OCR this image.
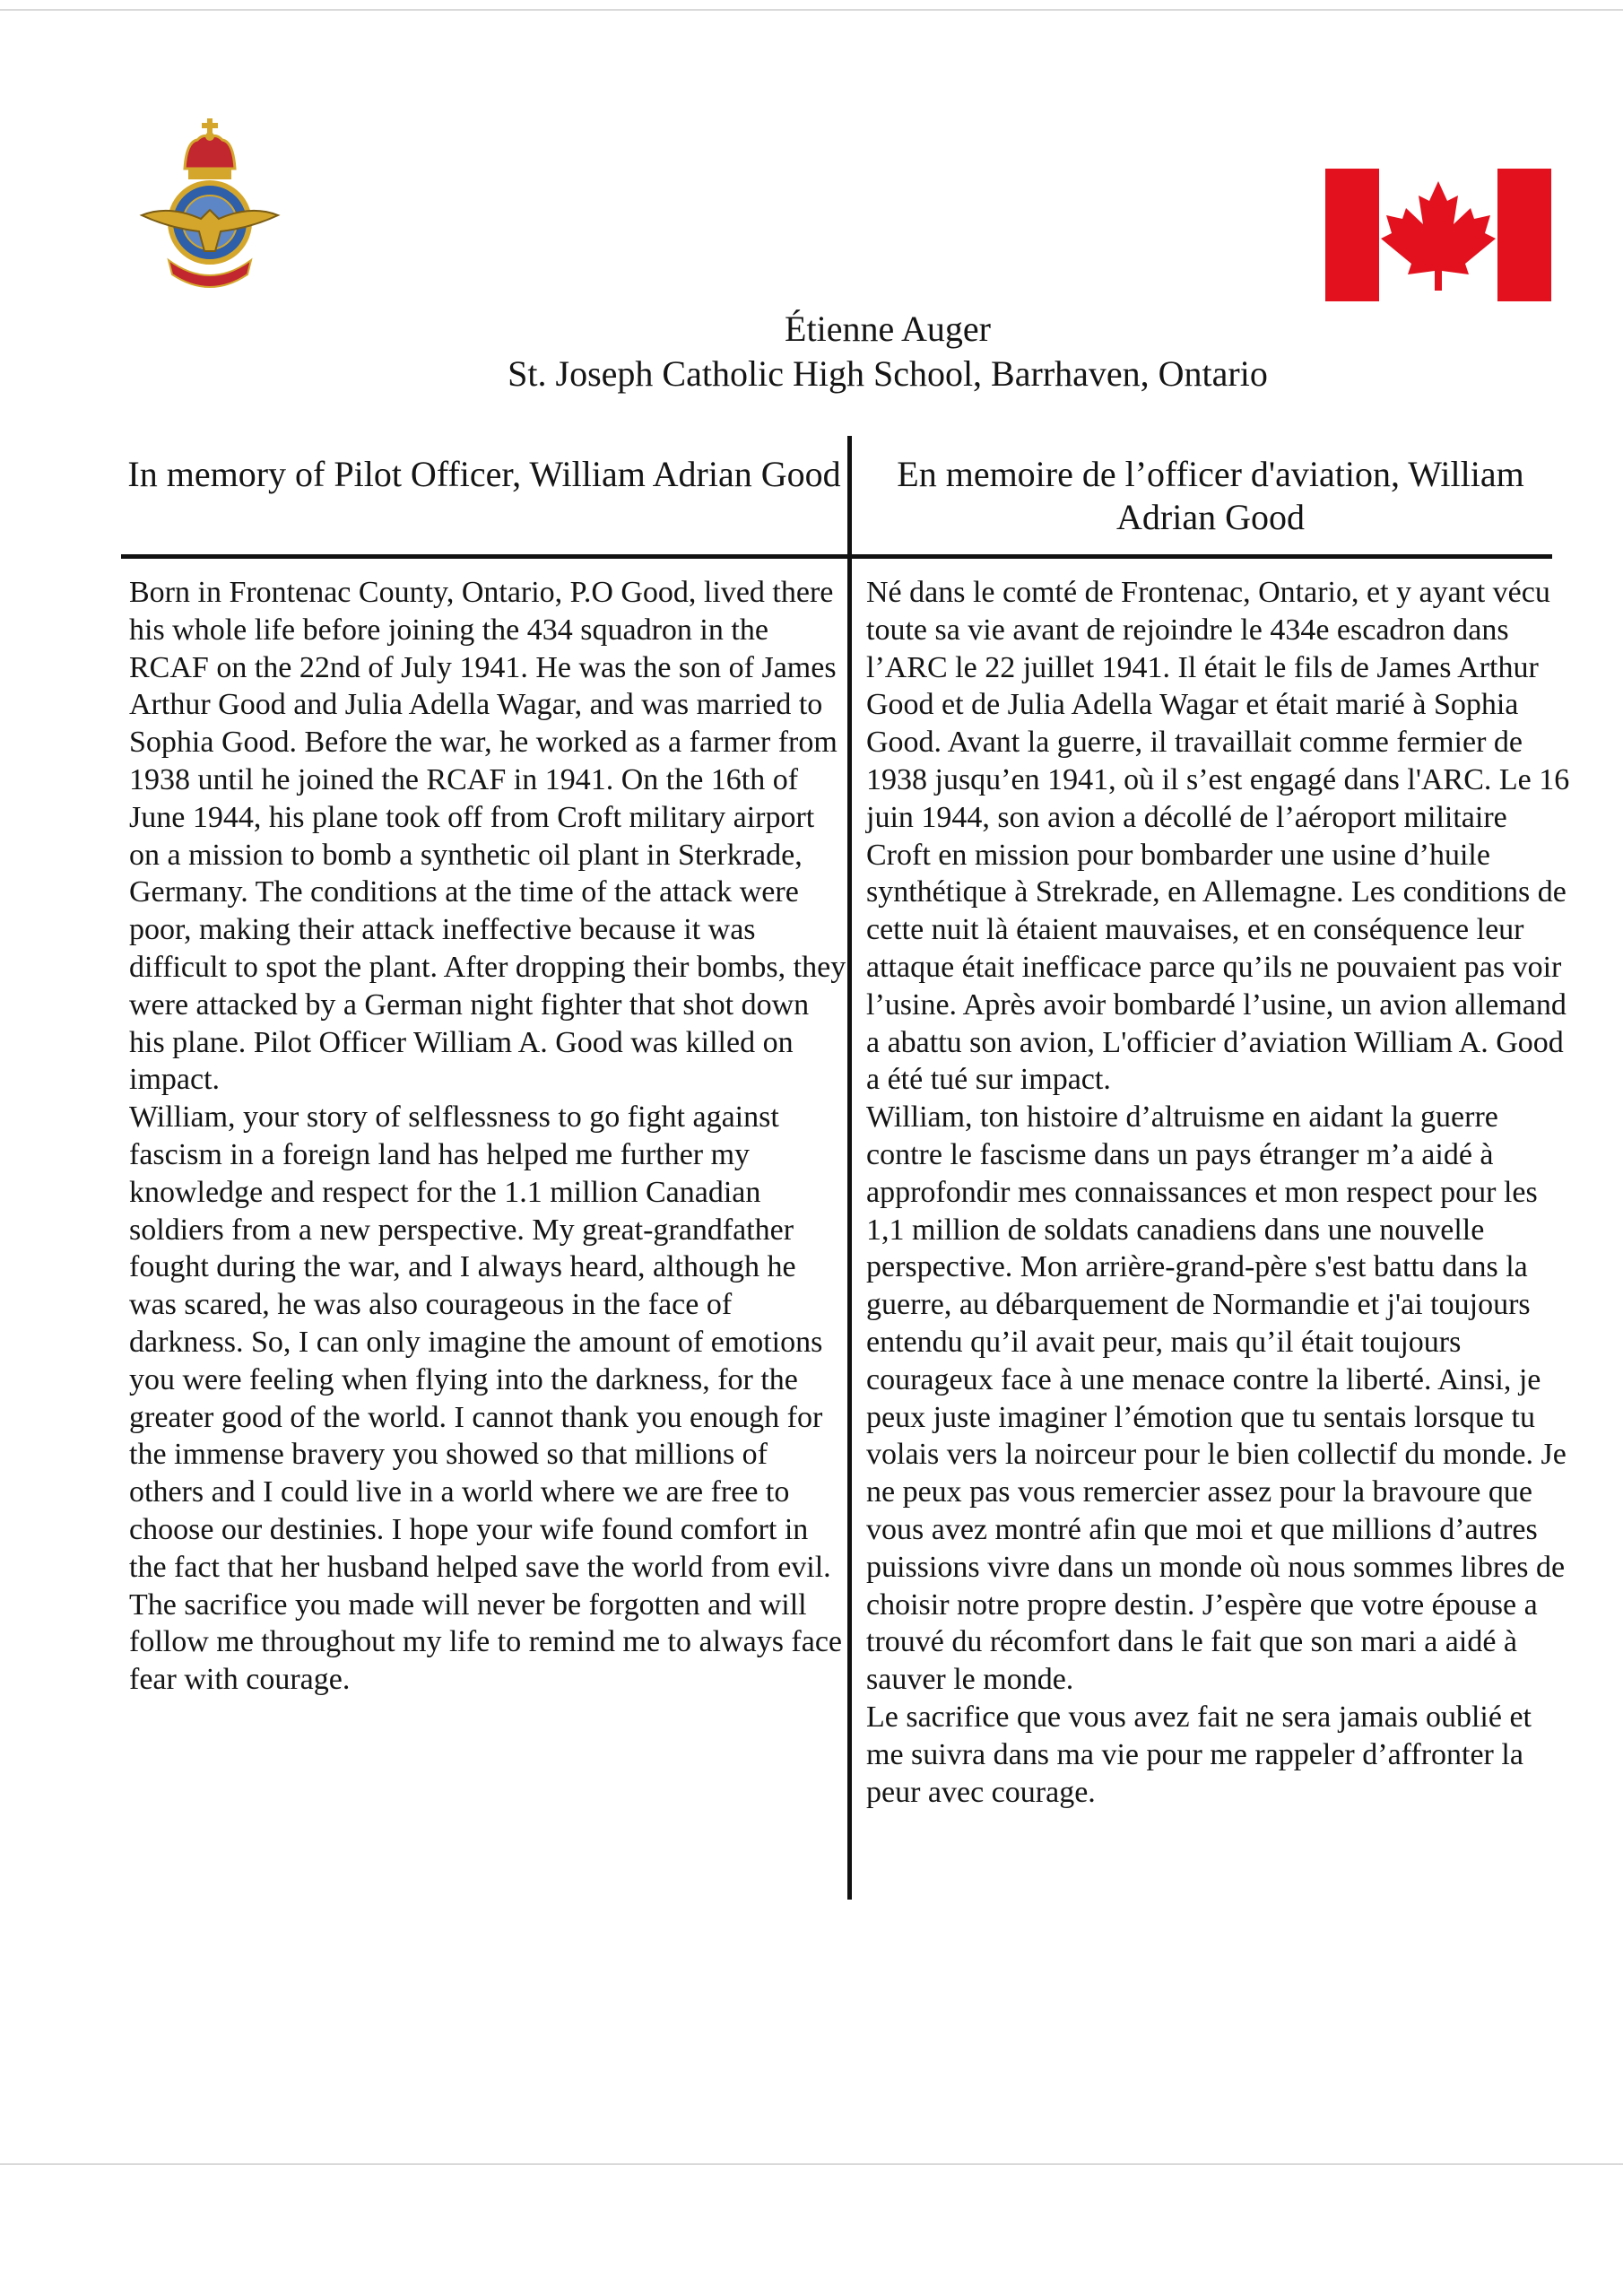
Étienne Auger
St. Joseph Catholic High School, Barrhaven, Ontario
In memory of Pilot Officer, William Adrian Good	En memoire de l’officer d'aviation, William Adrian Good

Born in Frontenac County, Ontario, P.O Good, lived there his whole life before joining the 434 squadron in the RCAF on the 22nd of July 1941. He was the son of James Arthur Good and Julia Adella Wagar, and was married to Sophia Good. Before the war, he worked as a farmer from 1938 until he joined the RCAF in 1941. On the 16th of June 1944, his plane took off from Croft military airport on a mission to bomb a synthetic oil plant in Sterkrade, Germany. The conditions at the time of the attack were poor, making their attack ineffective because it was difficult to spot the plant. After dropping their bombs, they were attacked by a German night fighter that shot down his plane. Pilot Officer William A. Good was killed on impact.

William, your story of selflessness to go fight against fascism in a foreign land has helped me further my knowledge and respect for the 1.1 million Canadian soldiers from a new perspective. My great-grandfather fought during the war, and I always heard, although he was scared, he was also courageous in the face of darkness. So, I can only imagine the amount of emotions you were feeling when flying into the darkness, for the greater good of the world. I cannot thank you enough for the immense bravery you showed so that millions of others and I could live in a world where we are free to choose our destinies. I hope your wife found comfort in the fact that her husband helped save the world from evil.

The sacrifice you made will never be forgotten and will follow me throughout my life to remind me to always face fear with courage.

Né dans le comté de Frontenac, Ontario, et y ayant vécu toute sa vie avant de rejoindre le 434e escadron dans l’ARC le 22 juillet 1941. Il était le fils de James Arthur Good et de Julia Adella Wagar et était marié à Sophia Good. Avant la guerre, il travaillait comme fermier de 1938 jusqu’en 1941, où il s’est engagé dans l'ARC. Le 16 juin 1944, son avion a décollé de l’aéroport militaire Croft en mission pour bombarder une usine d’huile synthétique à Strekrade, en Allemagne. Les conditions de cette nuit là étaient mauvaises, et en conséquence leur attaque était inefficace parce qu’ils ne pouvaient pas voir l’usine. Après avoir bombardé l’usine, un avion allemand a abattu son avion, L'officier d’aviation William A. Good a été tué sur impact.

William, ton histoire d’altruisme en aidant la guerre contre le fascisme dans un pays étranger m’a aidé à approfondir mes connaissances et mon respect pour les 1,1 million de soldats canadiens dans une nouvelle perspective. Mon arrière-grand-père s'est battu dans la guerre, au débarquement de Normandie et j'ai toujours entendu qu’il avait peur, mais qu’il était toujours courageux face à une menace contre la liberté. Ainsi, je peux juste imaginer l’émotion que tu sentais lorsque tu volais vers la noirceur pour le bien collectif du monde. Je ne peux pas vous remercier assez pour la bravoure que vous avez montré afin que moi et que millions d’autres puissions vivre dans un monde où nous sommes libres de choisir notre propre destin. J’espère que votre épouse a trouvé du récomfort dans le fait que son mari a aidé à sauver le monde.

Le sacrifice que vous avez fait ne sera jamais oublié et me suivra dans ma vie pour me rappeler d’affronter la peur avec courage.
